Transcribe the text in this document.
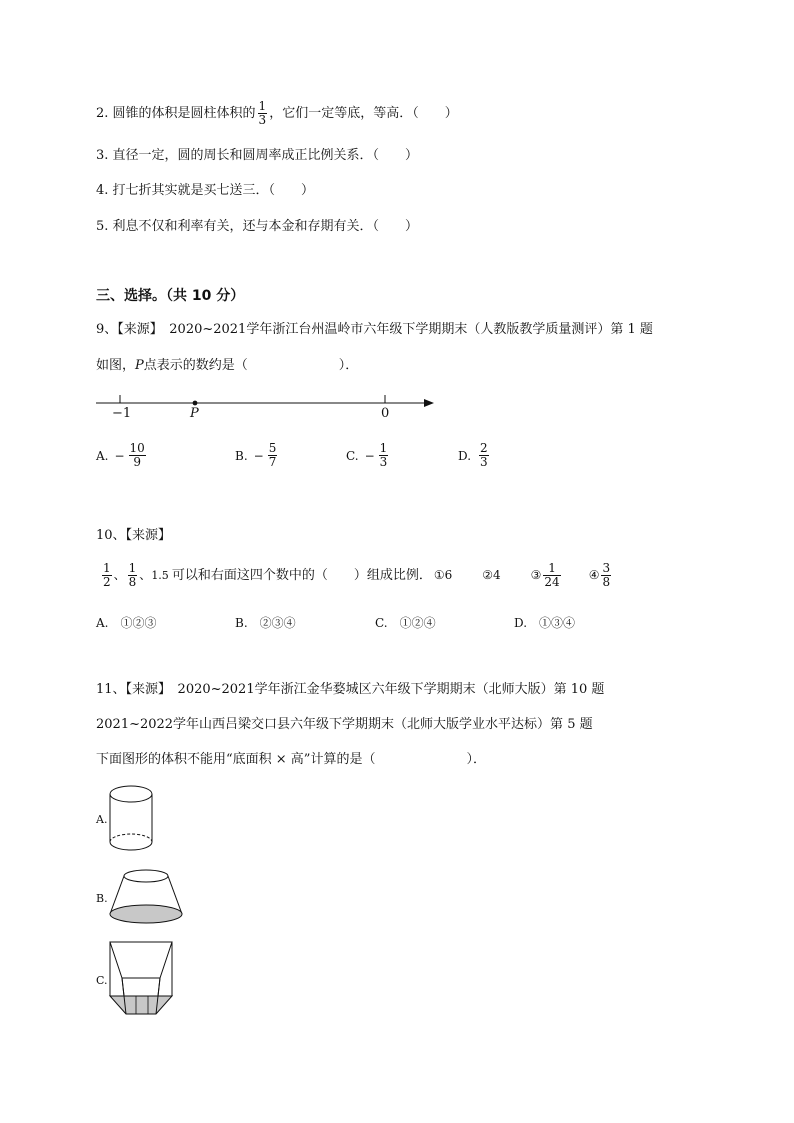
2. 圆锥的体积是圆柱体积的 $\frac{1}{3}$ ，它们一定等底，等高．（　　）
3. 直径一定，圆的周长和圆周率成正比例关系．（　　）
4. 打七折其实就是买七送三．（　　）
5. 利息不仅和利率有关，还与本金和存期有关．（　　）
三、选择。（共 10 分）
9、【来源】　2020~2021学年浙江台州温岭市六年级下学期期末（人教版教学质量测评）第 1 题
如图，P点表示的数约是（　　　　　　　）．
−1	0
P
A. − $\frac{10}{9}$	B. − $\frac{5}{7}$	C. − $\frac{1}{3}$	D. $\frac{2}{3}$
10、【来源】
$\frac{1}{2}$ 、 $\frac{1}{8}$ 、1.5 可以和右面这四个数中的（　　）组成比例． ①6	②4	③ $\frac{1}{24}$ ④ $\frac{3}{8}$
A.　①②③	B.　②③④	C.　①②④	D.　①③④
11、【来源】　2020~2021学年浙江金华婺城区六年级下学期期末（北师大版）第 10 题
2021~2022学年山西吕梁交口县六年级下学期期末（北师大版学业水平达标）第 5 题
下面图形的体积不能用“底面积 × 高”计算的是（　　　　　　　）．
A.
B.
C.
